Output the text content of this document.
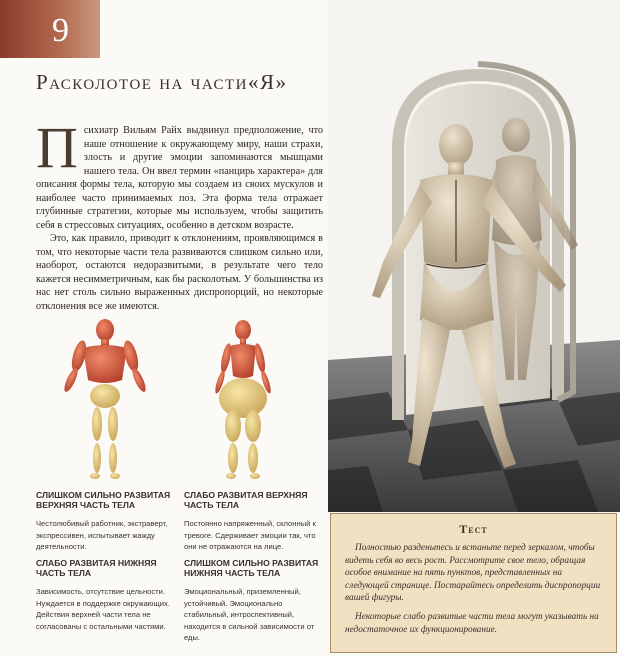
9
Расколотое на части«Я»

Психиатр Вильям Райх выдвинул предположение, что наше отношение к окружающему миру, наши страхи, злость и другие эмоции запоминаются мышцами нашего тела. Он ввел термин «панцирь характера» для описания формы тела, которую мы создаем из своих мускулов и наиболее часто принимаемых поз. Эта форма тела отражает глубинные стратегии, которые мы используем, чтобы защитить себя в стрессовых ситуациях, особенно в детском возрасте.

Это, как правило, приводит к отклонениям, проявляющимся в том, что некоторые части тела развиваются слишком сильно или, наоборот, остаются недоразвитыми, в результате чего тело кажется несимметричным, как бы расколотым. У большинства из нас нет столь сильно выраженных диспропорций, но некоторые отклонения все же имеются.

СЛИШКОМ СИЛЬНО РАЗВИТАЯ ВЕРХНЯЯ ЧАСТЬ ТЕЛА
Честолюбивый работник, экстраверт, экспрессивен, испытывает жажду деятельности.
СЛАБО РАЗВИТАЯ ВЕРХНЯЯ ЧАСТЬ ТЕЛА
Постоянно напряженный, склонный к тревоге. Сдерживает эмоции так, что они не отражаются на лице.
СЛАБО РАЗВИТАЯ НИЖНЯЯ ЧАСТЬ ТЕЛА
Зависимость, отсутствие цельности. Нуждается в поддержке окружающих. Действия верхней части тела не согласованы с остальными частями.
СЛИШКОМ СИЛЬНО РАЗВИТАЯ НИЖНЯЯ ЧАСТЬ ТЕЛА
Эмоциональный, приземленный, устойчивый. Эмоционально стабильный, интроспективный, находится в сильной зависимости от еды.
Тест

Полностью разденьтесь и встаньте перед зеркалом, чтобы видеть себя во весь рост. Рассмотрите свое тело, обращая особое внимание на пять пунктов, представленных на следующей странице. Постарайтесь определить диспропорции вашей фигуры.

Некоторые слабо развитые части тела могут указывать на недостаточное их функционирование.
